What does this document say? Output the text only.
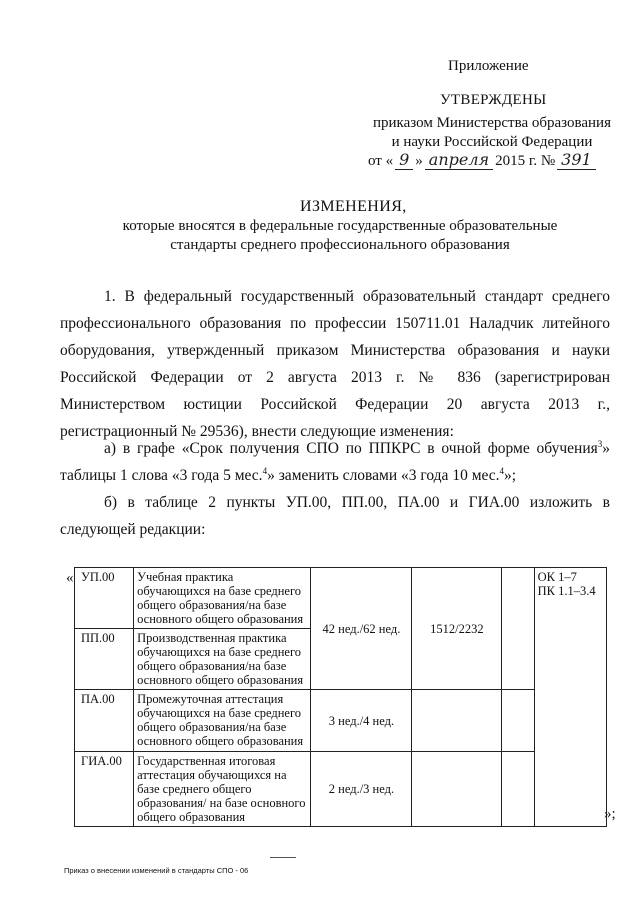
Приложение
УТВЕРЖДЕНЫ
приказом Министерства образования
и науки Российской Федерации
от « 9 » апреля 2015 г. № 391
ИЗМЕНЕНИЯ,
которые вносятся в федеральные государственные образовательные
стандарты среднего профессионального образования
1. В федеральный государственный образовательный стандарт среднего профессионального образования по профессии 150711.01 Наладчик литейного оборудования, утвержденный приказом Министерства образования и науки Российской Федерации от 2 августа 2013 г. № 836 (зарегистрирован Министерством юстиции Российской Федерации 20 августа 2013 г., регистрационный № 29536), внести следующие изменения:
а) в графе «Срок получения СПО по ППКРС в очной форме обучения$^3$» таблицы 1 слова «3 года 5 мес.$^4$» заменить словами «3 года 10 мес.$^4$»;
б) в таблице 2 пункты УП.00, ПП.00, ПА.00 и ГИА.00 изложить в следующей редакции:
« УП.00	Учебная практика обучающихся на базе среднего общего образования/на базе основного общего образования	42 нед./62 нед.	1512/2232		ОК 1–7
ПК 1.1–3.4

ПП.00	Производственная практика обучающихся на базе среднего общего образования/на базе основного общего образования				
ПА.00	Промежуточная аттестация обучающихся на базе среднего общего образования/на базе основного общего образования	3 нед./4 нед.			
ГИА.00	Государственная итоговая аттестация обучающихся на базе среднего общего образования/ на базе основного общего образования	2 нед./3 нед.			
»;
Приказ о внесении изменений в стандарты СПО - 06
